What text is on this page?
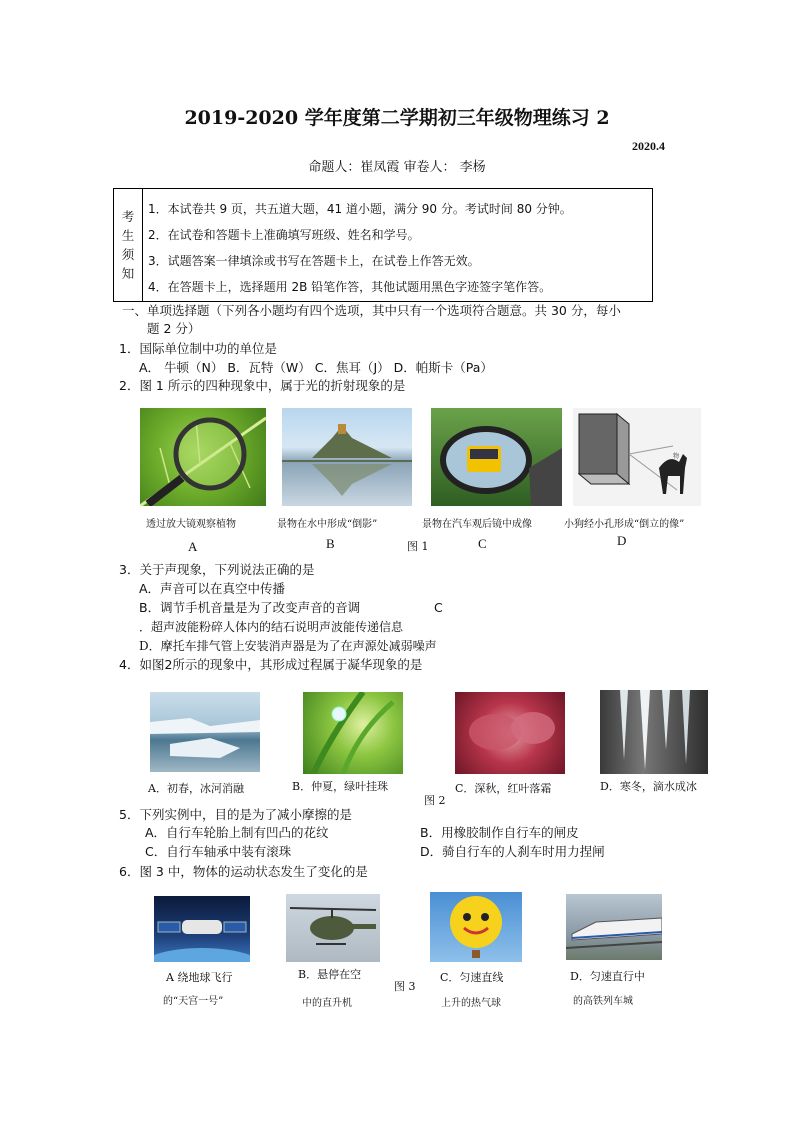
2019-2020 学年度第二学期初三年级物理练习 2
2020.4
命题人：崔凤霞 审卷人： 李杨
考
生
须
知
1．本试卷共 9 页，共五道大题，41 道小题，满分 90 分。考试时间 80 分钟。
2．在试卷和答题卡上准确填写班级、姓名和学号。
3．试题答案一律填涂或书写在答题卡上，在试卷上作答无效。
4．在答题卡上，选择题用 2B 铅笔作答，其他试题用黑色字迹签字笔作答。
一、单项选择题（下列各小题均有四个选项，其中只有一个选项符合题意。共 30 分，每小
题 2 分）
1．国际单位制中功的单位是
A． 牛顿（N） B．瓦特（W） C．焦耳（J） D．帕斯卡（Pa）
2．图 1 所示的四种现象中，属于光的折射现象的是
物
透过放大镜观察植物	景物在水中形成“倒影”	景物在汽车观后镜中成像	小狗经小孔形成“倒立的像”
A	B	图 1	C	D
3．关于声现象，下列说法正确的是
A．声音可以在真空中传播
B．调节手机音量是为了改变声音的音调	C
．超声波能粉碎人体内的结石说明声波能传递信息
D．摩托车排气管上安装消声器是为了在声源处减弱噪声
4．如图2所示的现象中，其形成过程属于凝华现象的是
A．初春，冰河消融	B．仲夏，绿叶挂珠
图 2
C．深秋，红叶落霜	D．寒冬，滴水成冰
5．下列实例中，目的是为了减小摩擦的是
A．自行车轮胎上制有凹凸的花纹	B．用橡胶制作自行车的闸皮
C．自行车轴承中装有滚珠	D．骑自行车的人刹车时用力捏闸
6．图 3 中，物体的运动状态发生了变化的是
A 绕地球飞行	B．悬停在空	C．匀速直线	D．匀速直行中
图 3
的“天宫一号”	中的直升机	上升的热气球	的高铁列车城
